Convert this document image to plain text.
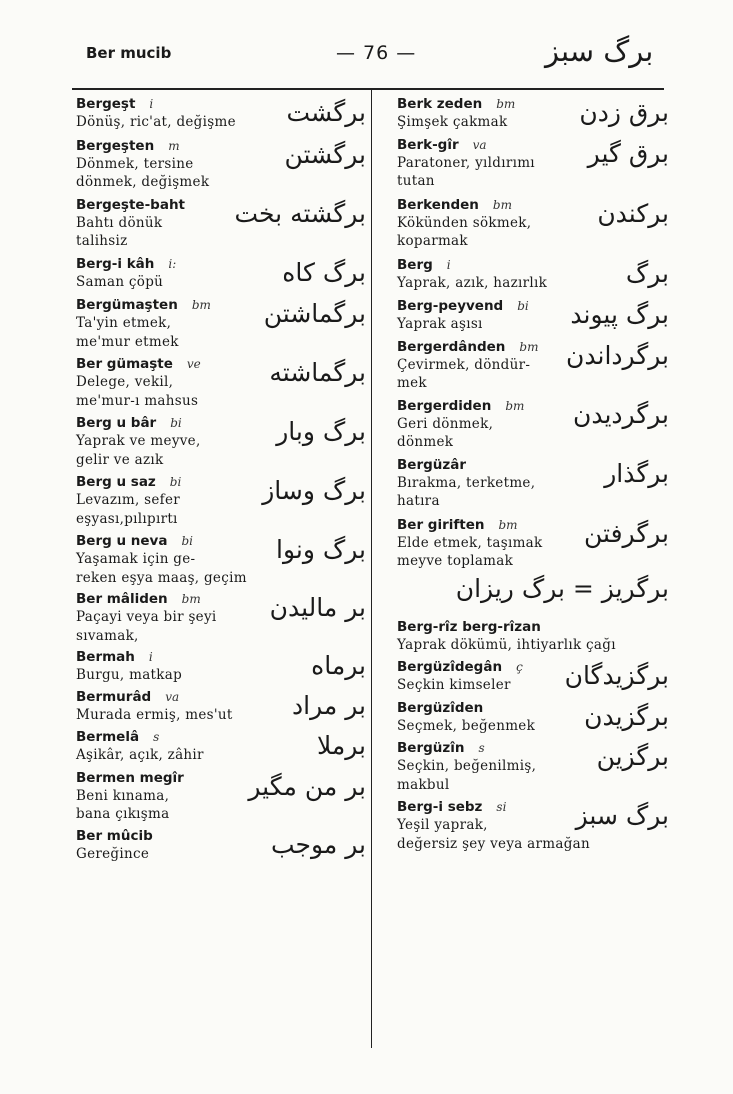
Ber mucib	— 76 —	برگ سبز
Bergeşt i
Dönüş, ric'at, değişme	برگشت
Bergeşten m
Dönmek, tersine
dönmek, değişmek
برگشتن
Bergeşte-baht
Bahtı dönük
talihsiz
برگشته بخت
Berg-i kâh i:
Saman çöpü	برگ کاه
Bergümaşten bm
Ta'yin etmek,
me'mur etmek
برگماشتن
Ber gümaşte ve
Delege, vekil,
me'mur-ı mahsus
برگماشته
Berg u bâr bi
Yaprak ve meyve,
gelir ve azık
برگ وبار
Berg u saz bi
Levazım, sefer
eşyası,pılıpırtı
برگ وساز
Berg u neva bi
Yaşamak için ge-
reken eşya maaş, geçim
برگ ونوا
Ber mâliden bm
Paçayi veya bir şeyi
sıvamak,
بر مالیدن
Bermah i
Burgu, matkap	برماه
Bermurâd va
Murada ermiş, mes'ut	بر مراد
Bermelâ s
Aşikâr, açık, zâhir	برملا
Bermen megîr
Beni kınama,
bana çıkışma
بر من مگیر
Ber mûcib
Gereğince	بر موجب
Berk zeden bm
Şimşek çakmak	برق زدن
Berk-gîr va
Paratoner, yıldırımı
tutan
برق گیر
Berkenden bm
Kökünden sökmek,
koparmak
برکندن
Berg i
Yaprak, azık, hazırlık	برگ
Berg-peyvend bi
Yaprak aşısı	برگ پیوند
Bergerdânden bm
Çevirmek, döndür-
mek
برگرداندن
Bergerdiden bm
Geri dönmek,
dönmek
برگردیدن
Bergüzâr
Bırakma, terketme,
hatıra
برگذار
Ber giriften bm
Elde etmek, taşımak
meyve toplamak
برگرفتن
برگریز = برگ ریزان
Berg-rîz berg-rîzan
Yaprak dökümü, ihtiyarlık çağı
Bergüzîdegân ç
Seçkin kimseler	برگزیدگان
Bergüzîden
Seçmek, beğenmek	برگزیدن
Bergüzîn s
Seçkin, beğenilmiş,
makbul
برگزین
Berg-i sebz si
Yeşil yaprak,
değersiz şey veya armağan
برگ سبز
